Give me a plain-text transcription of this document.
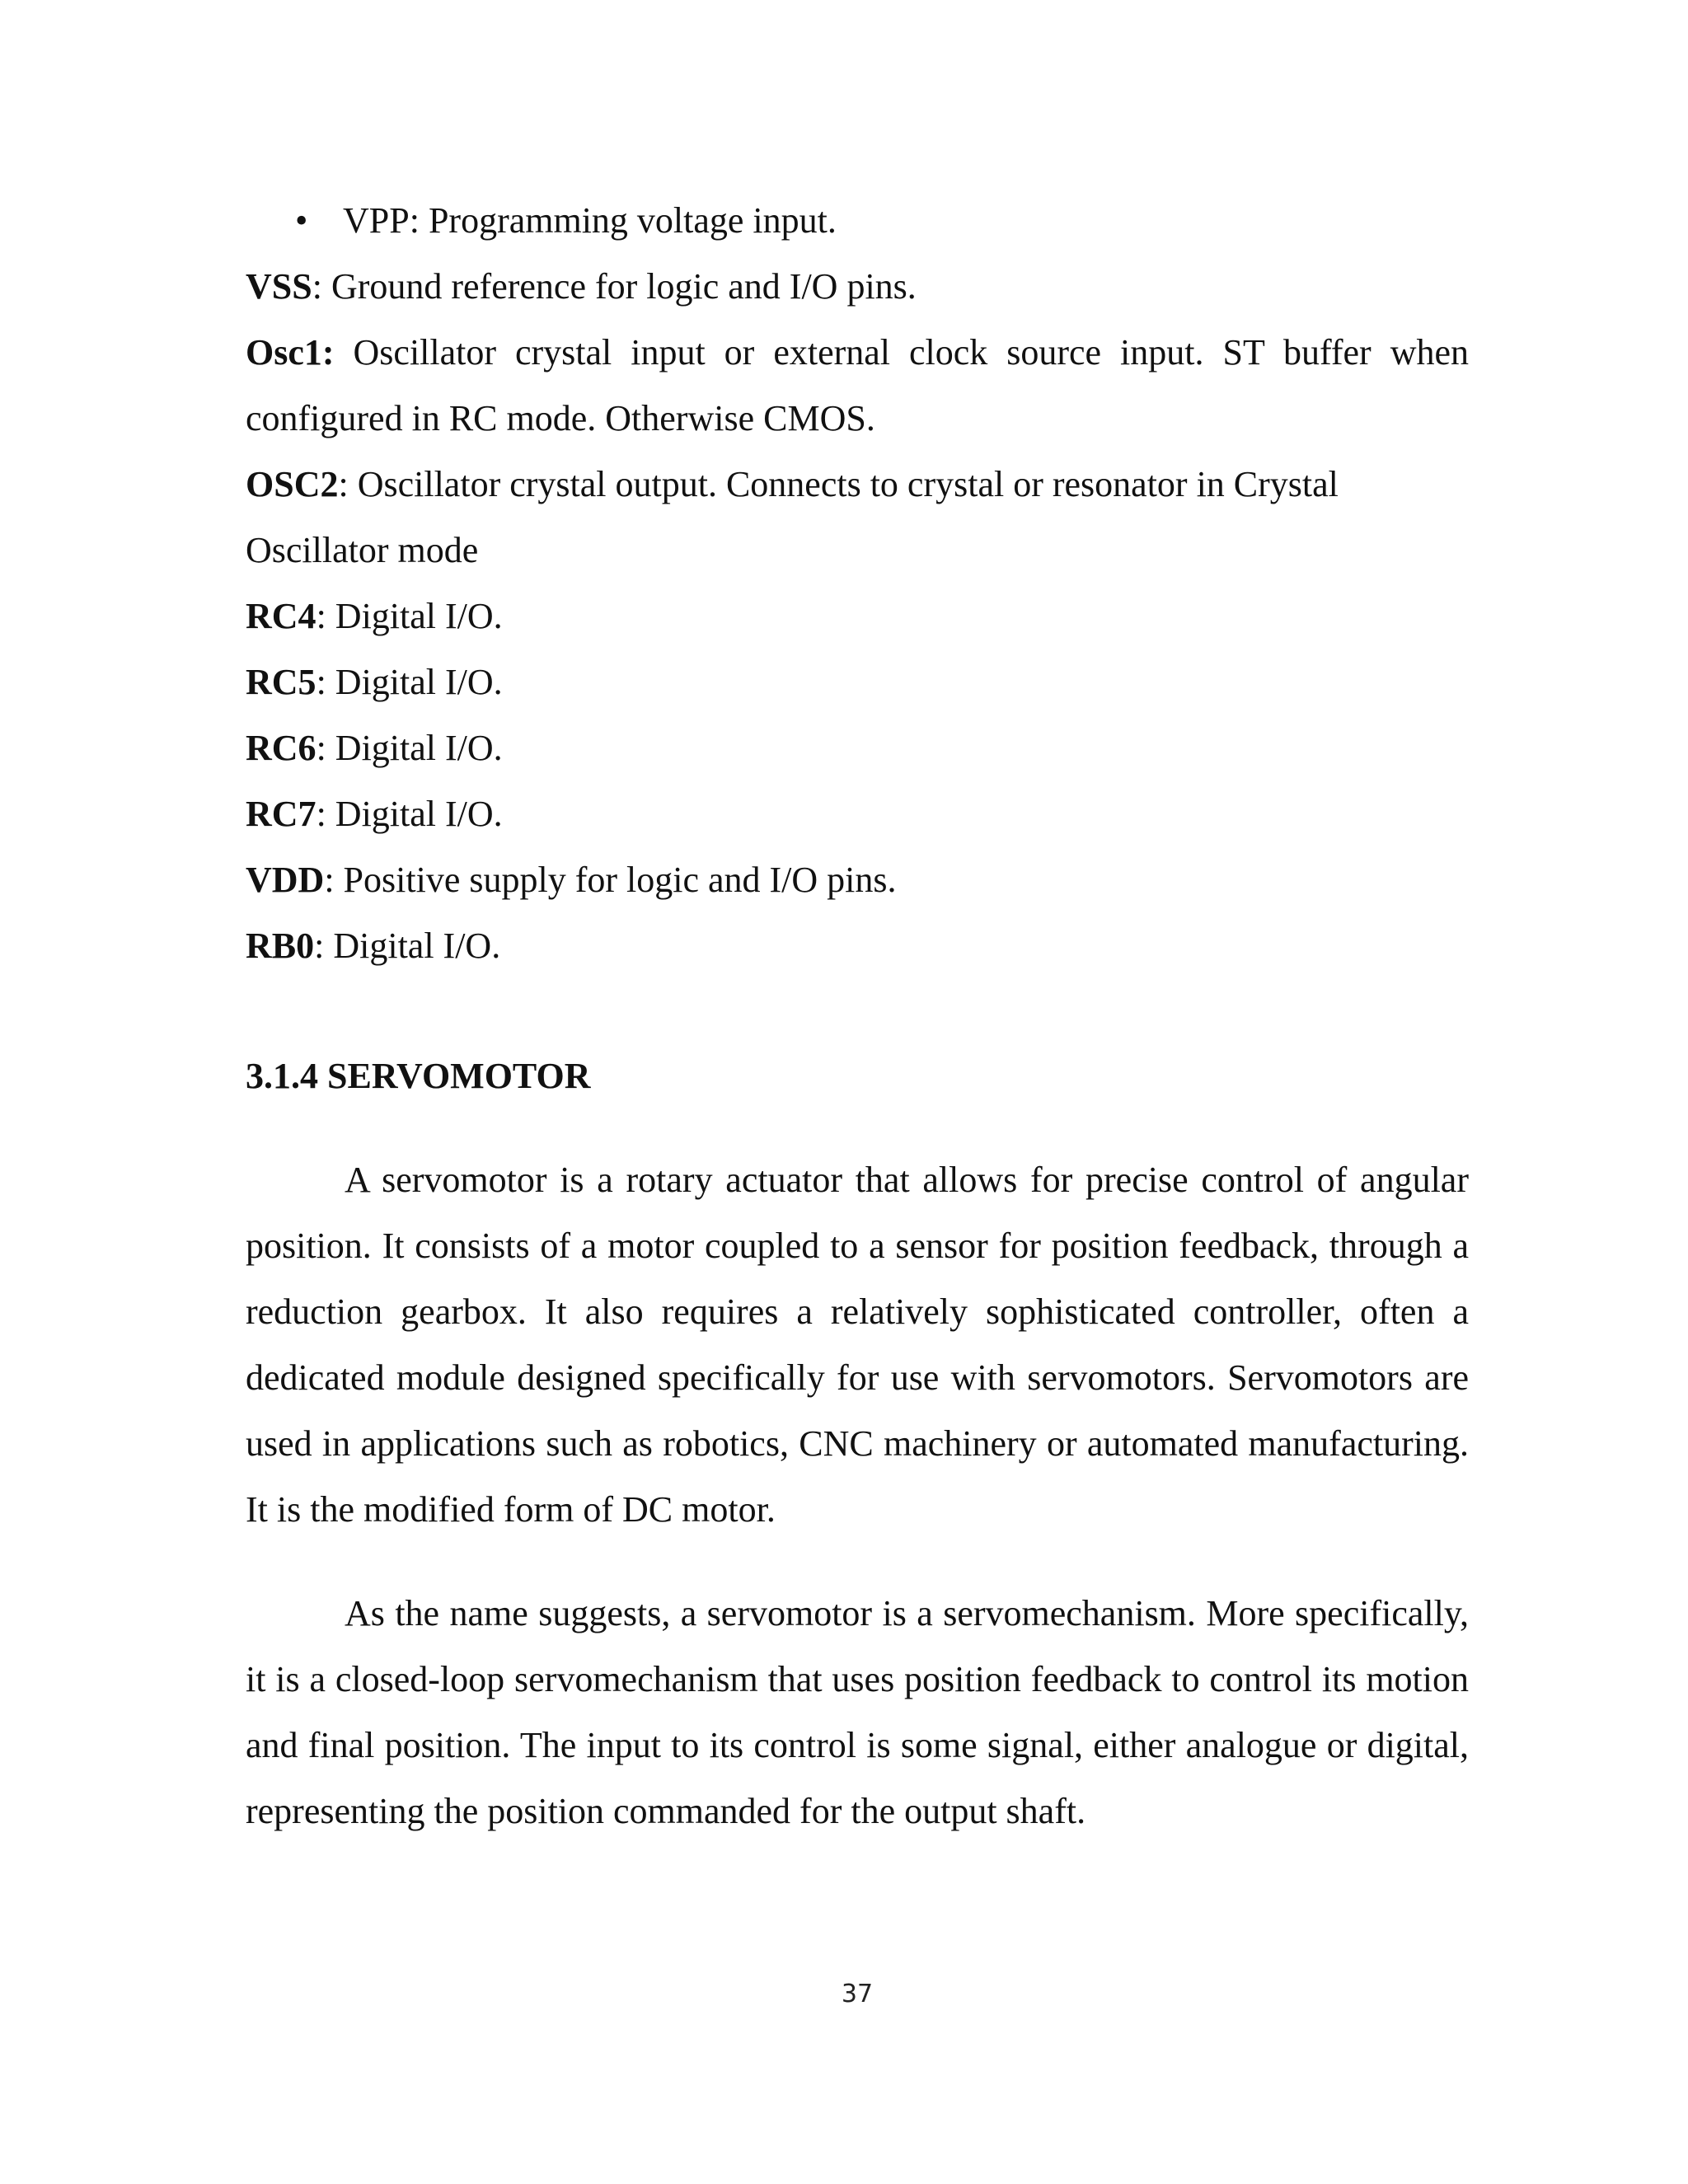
• VPP: Programming voltage input.

VSS: Ground reference for logic and I/O pins.

Osc1: Oscillator crystal input or external clock source input. ST buffer when configured in RC mode. Otherwise CMOS.

OSC2: Oscillator crystal output. Connects to crystal or resonator in Crystal Oscillator mode

RC4: Digital I/O.

RC5: Digital I/O.

RC6: Digital I/O.

RC7: Digital I/O.

VDD: Positive supply for logic and I/O pins.

RB0: Digital I/O.

3.1.4 SERVOMOTOR

A servomotor is a rotary actuator that allows for precise control of angular position. It consists of a motor coupled to a sensor for position feedback, through a reduction gearbox. It also requires a relatively sophisticated controller, often a dedicated module designed specifically for use with servomotors. Servomotors are used in applications such as robotics, CNC machinery or automated manufacturing. It is the modified form of DC motor.

As the name suggests, a servomotor is a servomechanism. More specifically, it is a closed-loop servomechanism that uses position feedback to control its motion and final position. The input to its control is some signal, either analogue or digital, representing the position commanded for the output shaft.

37
